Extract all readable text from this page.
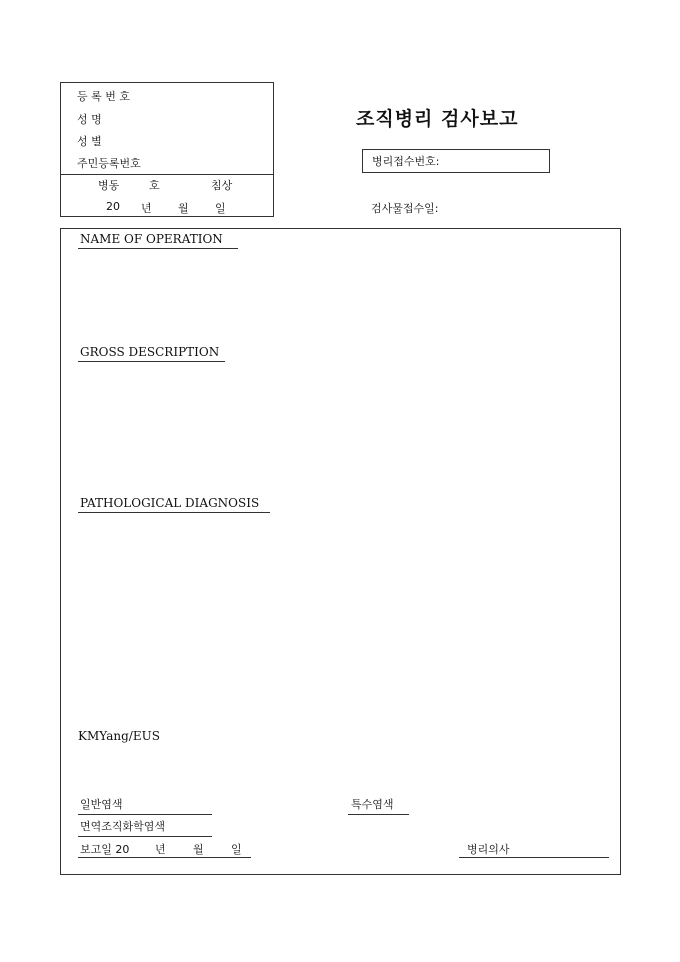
등 록 번 호
성 명
성 별
주민등록번호
병동	호	침상
20 년 월 일
조직병리 검사보고
병리접수번호:
검사물접수일:
NAME OF OPERATION
GROSS DESCRIPTION
PATHOLOGICAL DIAGNOSIS
KMYang/EUS
일반염색	특수염색
면역조직화학염색
보고일 20 년 월 일	병리의사
